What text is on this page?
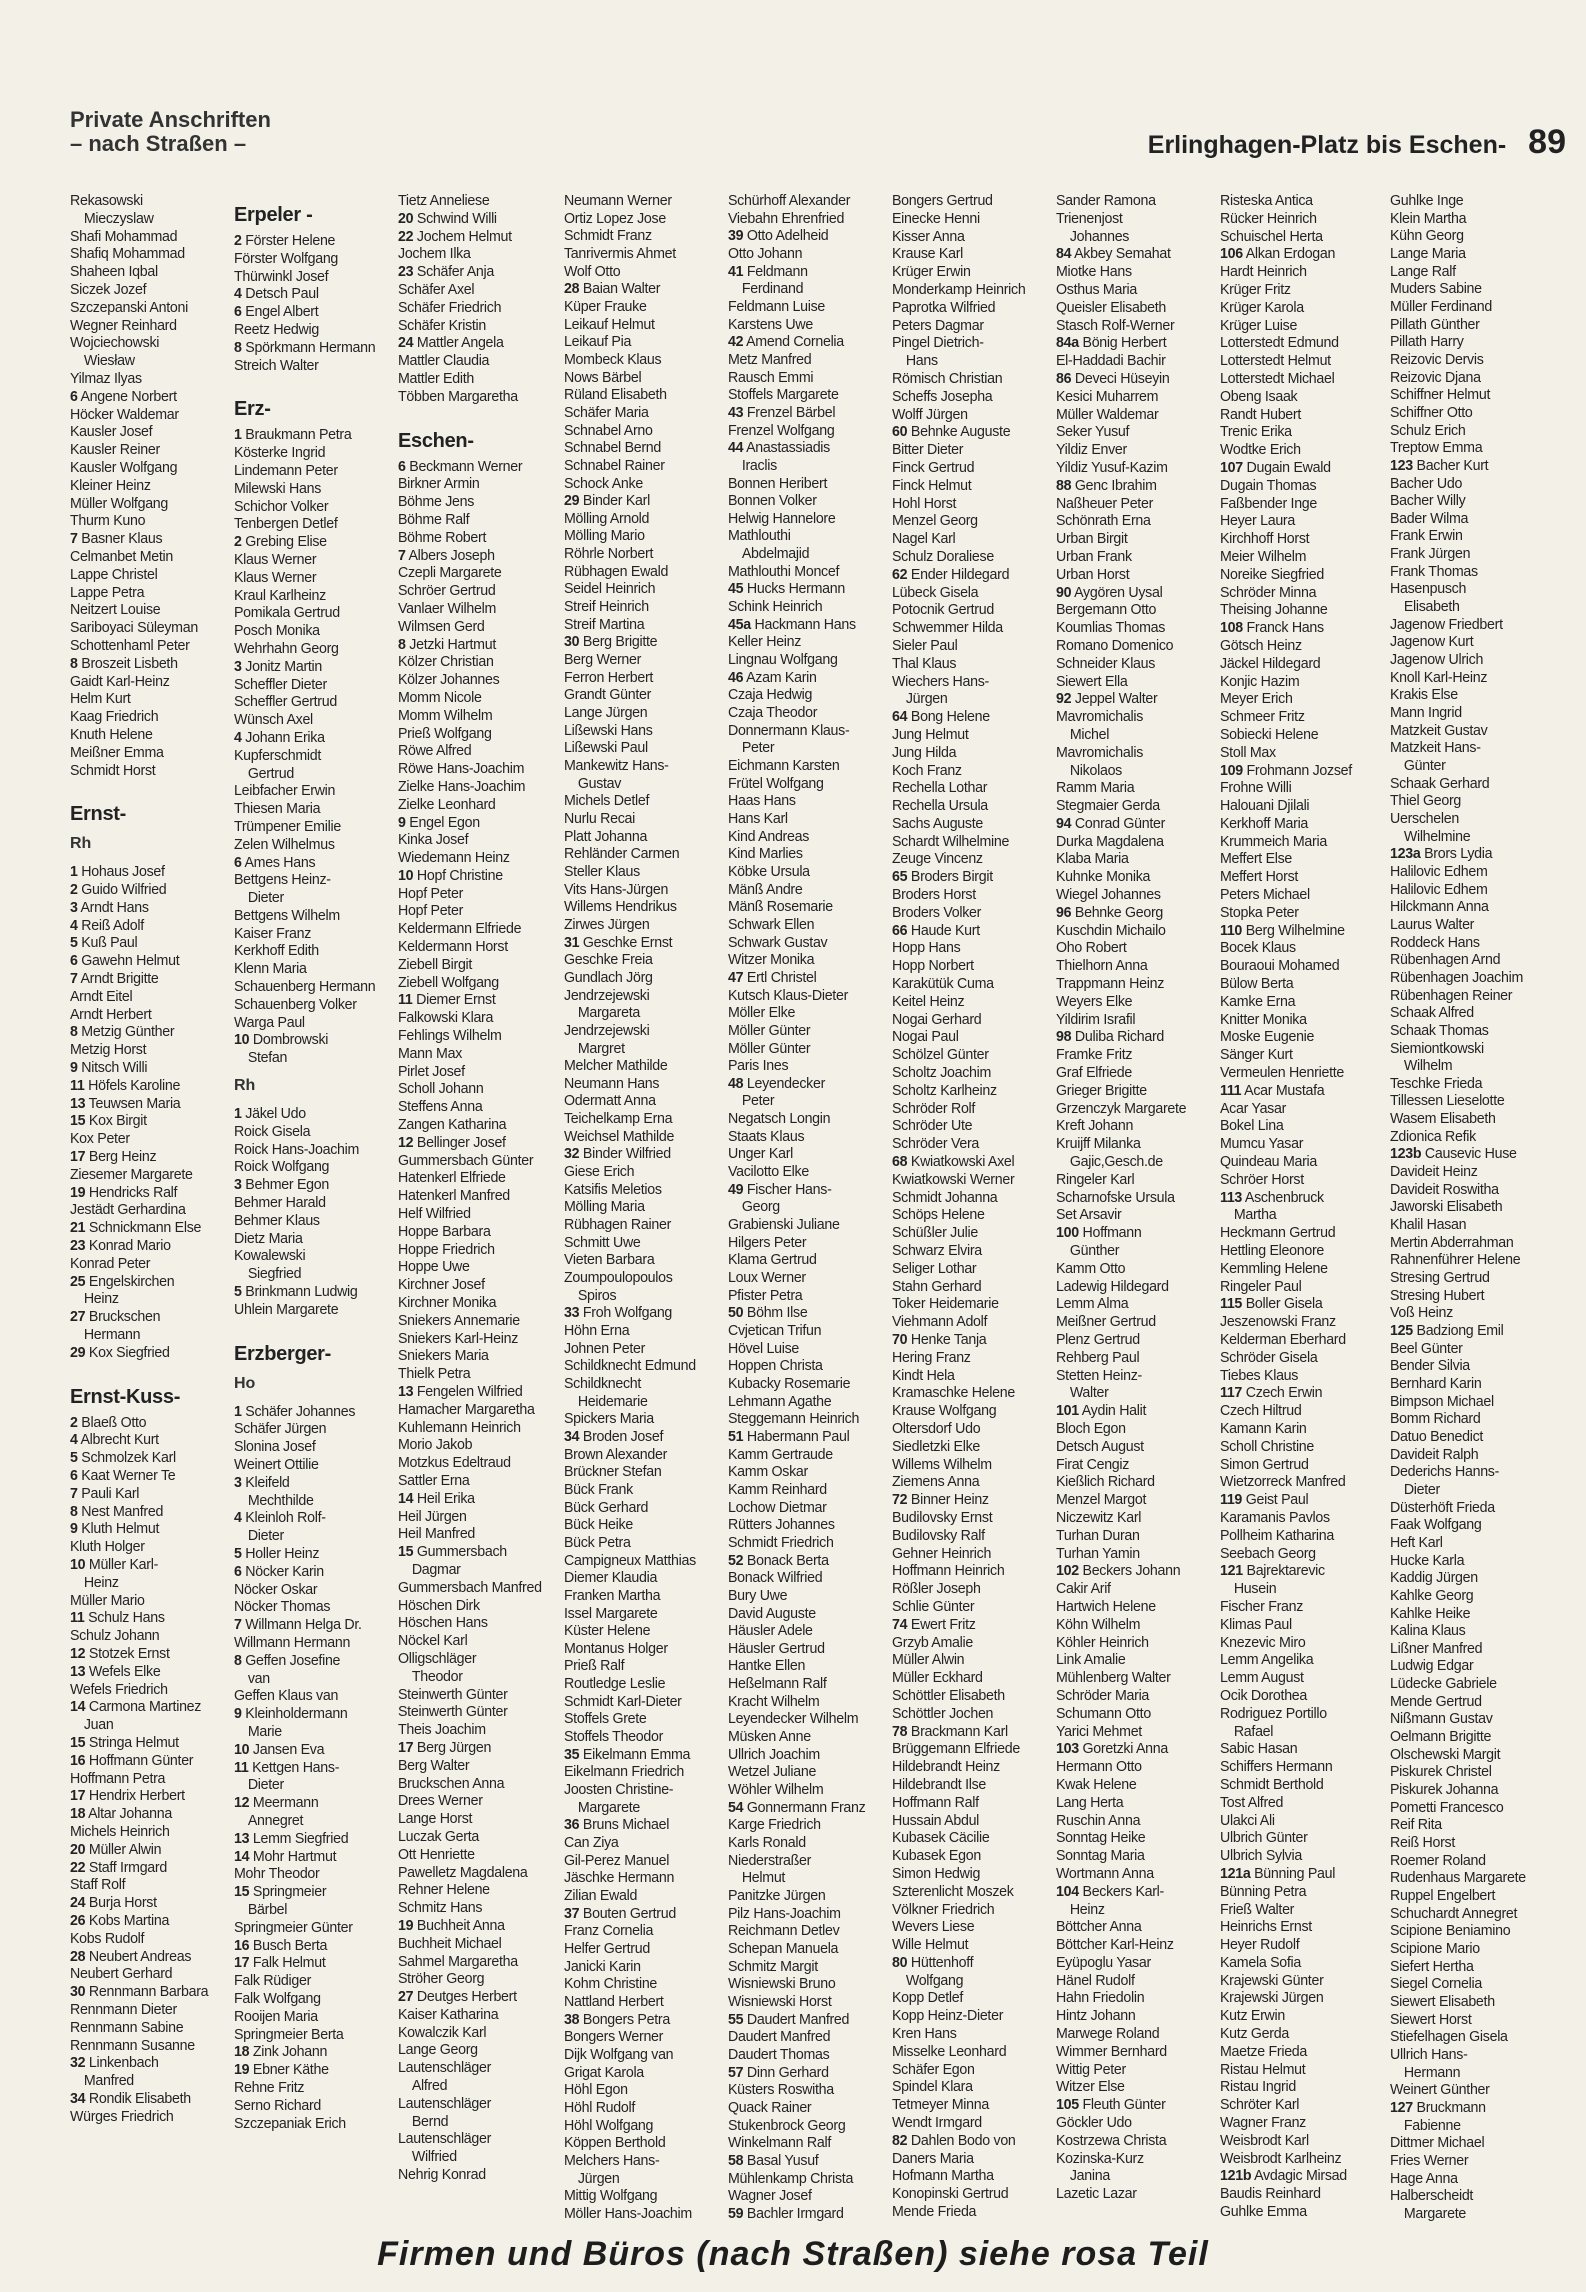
Private Anschriften
– nach Straßen –	Erlinghagen-Platz bis Eschen- 89
Rekasowski
Mieczyslaw
Shafi Mohammad
Shafiq Mohammad
Shaheen Iqbal
Siczek Jozef
Szczepanski Antoni
Wegner Reinhard
Wojciechowski
Wiesław
Yilmaz Ilyas
6 Angene Norbert
Höcker Waldemar
Kausler Josef
Kausler Reiner
Kausler Wolfgang
Kleiner Heinz
Müller Wolfgang
Thurm Kuno
7 Basner Klaus
Celmanbet Metin
Lappe Christel
Lappe Petra
Neitzert Louise
Sariboyaci Süleyman
Schottenhaml Peter
8 Broszeit Lisbeth
Gaidt Karl-Heinz
Helm Kurt
Kaag Friedrich
Knuth Helene
Meißner Emma
Schmidt Horst
Ernst-
Rh
1 Hohaus Josef
2 Guido Wilfried
3 Arndt Hans
4 Reiß Adolf
5 Kuß Paul
6 Gawehn Helmut
7 Arndt Brigitte
Arndt Eitel
Arndt Herbert
8 Metzig Günther
Metzig Horst
9 Nitsch Willi
11 Höfels Karoline
13 Teuwsen Maria
15 Kox Birgit
Kox Peter
17 Berg Heinz
Ziesemer Margarete
19 Hendricks Ralf
Jestädt Gerhardina
21 Schnickmann Else
23 Konrad Mario
Konrad Peter
25 Engelskirchen
Heinz
27 Bruckschen
Hermann
29 Kox Siegfried
Ernst-Kuss-
2 Blaeß Otto
4 Albrecht Kurt
5 Schmolzek Karl
6 Kaat Werner Te
7 Pauli Karl
8 Nest Manfred
9 Kluth Helmut
Kluth Holger
10 Müller Karl-
Heinz
Müller Mario
11 Schulz Hans
Schulz Johann
12 Stotzek Ernst
13 Wefels Elke
Wefels Friedrich
14 Carmona Martinez
Juan
15 Stringa Helmut
16 Hoffmann Günter
Hoffmann Petra
17 Hendrix Herbert
18 Altar Johanna
Michels Heinrich
20 Müller Alwin
22 Staff Irmgard
Staff Rolf
24 Burja Horst
26 Kobs Martina
Kobs Rudolf
28 Neubert Andreas
Neubert Gerhard
30 Rennmann Barbara
Rennmann Dieter
Rennmann Sabine
Rennmann Susanne
32 Linkenbach
Manfred
34 Rondik Elisabeth
Würges Friedrich
Erpeler -
2 Förster Helene
Förster Wolfgang
Thürwinkl Josef
4 Detsch Paul
6 Engel Albert
Reetz Hedwig
8 Spörkmann Hermann
Streich Walter
Erz-
1 Braukmann Petra
Kösterke Ingrid
Lindemann Peter
Milewski Hans
Schichor Volker
Tenbergen Detlef
2 Grebing Elise
Klaus Werner
Klaus Werner
Kraul Karlheinz
Pomikala Gertrud
Posch Monika
Wehrhahn Georg
3 Jonitz Martin
Scheffler Dieter
Scheffler Gertrud
Wünsch Axel
4 Johann Erika
Kupferschmidt
Gertrud
Leibfacher Erwin
Thiesen Maria
Trümpener Emilie
Zelen Wilhelmus
6 Ames Hans
Bettgens Heinz-
Dieter
Bettgens Wilhelm
Kaiser Franz
Kerkhoff Edith
Klenn Maria
Schauenberg Hermann
Schauenberg Volker
Warga Paul
10 Dombrowski
Stefan
Rh
1 Jäkel Udo
Roick Gisela
Roick Hans-Joachim
Roick Wolfgang
3 Behmer Egon
Behmer Harald
Behmer Klaus
Dietz Maria
Kowalewski
Siegfried
5 Brinkmann Ludwig
Uhlein Margarete
Erzberger-
Ho
1 Schäfer Johannes
Schäfer Jürgen
Slonina Josef
Weinert Ottilie
3 Kleifeld
Mechthilde
4 Kleinloh Rolf-
Dieter
5 Holler Heinz
6 Nöcker Karin
Nöcker Oskar
Nöcker Thomas
7 Willmann Helga Dr.
Willmann Hermann
8 Geffen Josefine
van
Geffen Klaus van
9 Kleinholdermann
Marie
10 Jansen Eva
11 Kettgen Hans-
Dieter
12 Meermann
Annegret
13 Lemm Siegfried
14 Mohr Hartmut
Mohr Theodor
15 Springmeier
Bärbel
Springmeier Günter
16 Busch Berta
17 Falk Helmut
Falk Rüdiger
Falk Wolfgang
Rooijen Maria
Springmeier Berta
18 Zink Johann
19 Ebner Käthe
Rehne Fritz
Serno Richard
Szczepaniak Erich
Tietz Anneliese
20 Schwind Willi
22 Jochem Helmut
Jochem Ilka
23 Schäfer Anja
Schäfer Axel
Schäfer Friedrich
Schäfer Kristin
24 Mattler Angela
Mattler Claudia
Mattler Edith
Többen Margaretha
Eschen-
6 Beckmann Werner
Birkner Armin
Böhme Jens
Böhme Ralf
Böhme Robert
7 Albers Joseph
Czepli Margarete
Schröer Gertrud
Vanlaer Wilhelm
Wilmsen Gerd
8 Jetzki Hartmut
Kölzer Christian
Kölzer Johannes
Momm Nicole
Momm Wilhelm
Prieß Wolfgang
Röwe Alfred
Röwe Hans-Joachim
Zielke Hans-Joachim
Zielke Leonhard
9 Engel Egon
Kinka Josef
Wiedemann Heinz
10 Hopf Christine
Hopf Peter
Hopf Peter
Keldermann Elfriede
Keldermann Horst
Ziebell Birgit
Ziebell Wolfgang
11 Diemer Ernst
Falkowski Klara
Fehlings Wilhelm
Mann Max
Pirlet Josef
Scholl Johann
Steffens Anna
Zangen Katharina
12 Bellinger Josef
Gummersbach Günter
Hatenkerl Elfriede
Hatenkerl Manfred
Helf Wilfried
Hoppe Barbara
Hoppe Friedrich
Hoppe Uwe
Kirchner Josef
Kirchner Monika
Sniekers Annemarie
Sniekers Karl-Heinz
Sniekers Maria
Thielk Petra
13 Fengelen Wilfried
Hamacher Margaretha
Kuhlemann Heinrich
Morio Jakob
Motzkus Edeltraud
Sattler Erna
14 Heil Erika
Heil Jürgen
Heil Manfred
15 Gummersbach
Dagmar
Gummersbach Manfred
Höschen Dirk
Höschen Hans
Nöckel Karl
Olligschläger
Theodor
Steinwerth Günter
Steinwerth Günter
Theis Joachim
17 Berg Jürgen
Berg Walter
Bruckschen Anna
Drees Werner
Lange Horst
Luczak Gerta
Ott Henriette
Pawelletz Magdalena
Rehner Helene
Schmitz Hans
19 Buchheit Anna
Buchheit Michael
Sahmel Margaretha
Ströher Georg
27 Deutges Herbert
Kaiser Katharina
Kowalczik Karl
Lange Georg
Lautenschläger
Alfred
Lautenschläger
Bernd
Lautenschläger
Wilfried
Nehrig Konrad
Neumann Werner
Ortiz Lopez Jose
Schmidt Franz
Tanrivermis Ahmet
Wolf Otto
28 Baian Walter
Küper Frauke
Leikauf Helmut
Leikauf Pia
Mombeck Klaus
Nows Bärbel
Rüland Elisabeth
Schäfer Maria
Schnabel Arno
Schnabel Bernd
Schnabel Rainer
Schock Anke
29 Binder Karl
Mölling Arnold
Mölling Mario
Röhrle Norbert
Rübhagen Ewald
Seidel Heinrich
Streif Heinrich
Streif Martina
30 Berg Brigitte
Berg Werner
Ferron Herbert
Grandt Günter
Lange Jürgen
Lißewski Hans
Lißewski Paul
Mankewitz Hans-
Gustav
Michels Detlef
Nurlu Recai
Platt Johanna
Rehländer Carmen
Steller Klaus
Vits Hans-Jürgen
Willems Hendrikus
Zirwes Jürgen
31 Geschke Ernst
Geschke Freia
Gundlach Jörg
Jendrzejewski
Margareta
Jendrzejewski
Margret
Melcher Mathilde
Neumann Hans
Odermatt Anna
Teichelkamp Erna
Weichsel Mathilde
32 Binder Wilfried
Giese Erich
Katsifis Meletios
Mölling Maria
Rübhagen Rainer
Schmitt Uwe
Vieten Barbara
Zoumpoulopoulos
Spiros
33 Froh Wolfgang
Höhn Erna
Johnen Peter
Schildknecht Edmund
Schildknecht
Heidemarie
Spickers Maria
34 Broden Josef
Brown Alexander
Brückner Stefan
Bück Frank
Bück Gerhard
Bück Heike
Bück Petra
Campigneux Matthias
Diemer Klaudia
Franken Martha
Issel Margarete
Küster Helene
Montanus Holger
Prieß Ralf
Routledge Leslie
Schmidt Karl-Dieter
Stoffels Grete
Stoffels Theodor
35 Eikelmann Emma
Eikelmann Friedrich
Joosten Christine-
Margarete
36 Bruns Michael
Can Ziya
Gil-Perez Manuel
Jäschke Hermann
Zilian Ewald
37 Bouten Gertrud
Franz Cornelia
Helfer Gertrud
Janicki Karin
Kohm Christine
Nattland Herbert
38 Bongers Petra
Bongers Werner
Dijk Wolfgang van
Grigat Karola
Höhl Egon
Höhl Rudolf
Höhl Wolfgang
Köppen Berthold
Melchers Hans-
Jürgen
Mittig Wolfgang
Möller Hans-Joachim
Schürhoff Alexander
Viebahn Ehrenfried
39 Otto Adelheid
Otto Johann
41 Feldmann
Ferdinand
Feldmann Luise
Karstens Uwe
42 Amend Cornelia
Metz Manfred
Rausch Emmi
Stoffels Margarete
43 Frenzel Bärbel
Frenzel Wolfgang
44 Anastassiadis
Iraclis
Bonnen Heribert
Bonnen Volker
Helwig Hannelore
Mathlouthi
Abdelmajid
Mathlouthi Moncef
45 Hucks Hermann
Schink Heinrich
45a Hackmann Hans
Keller Heinz
Lingnau Wolfgang
46 Azam Karin
Czaja Hedwig
Czaja Theodor
Donnermann Klaus-
Peter
Eichmann Karsten
Frütel Wolfgang
Haas Hans
Hans Karl
Kind Andreas
Kind Marlies
Köbke Ursula
Mänß Andre
Mänß Rosemarie
Schwark Ellen
Schwark Gustav
Witzer Monika
47 Ertl Christel
Kutsch Klaus-Dieter
Möller Elke
Möller Günter
Möller Günter
Paris Ines
48 Leyendecker
Peter
Negatsch Longin
Staats Klaus
Unger Karl
Vacilotto Elke
49 Fischer Hans-
Georg
Grabienski Juliane
Hilgers Peter
Klama Gertrud
Loux Werner
Pfister Petra
50 Böhm Ilse
Cvjetican Trifun
Hövel Luise
Hoppen Christa
Kubacky Rosemarie
Lehmann Agathe
Steggemann Heinrich
51 Habermann Paul
Kamm Gertraude
Kamm Oskar
Kamm Reinhard
Lochow Dietmar
Rütters Johannes
Schmidt Friedrich
52 Bonack Berta
Bonack Wilfried
Bury Uwe
David Auguste
Häusler Adele
Häusler Gertrud
Hantke Ellen
Heßelmann Ralf
Kracht Wilhelm
Leyendecker Wilhelm
Müsken Anne
Ullrich Joachim
Wetzel Juliane
Wöhler Wilhelm
54 Gonnermann Franz
Karge Friedrich
Karls Ronald
Niederstraßer
Helmut
Panitzke Jürgen
Pilz Hans-Joachim
Reichmann Detlev
Schepan Manuela
Schmitz Margit
Wisniewski Bruno
Wisniewski Horst
55 Daudert Manfred
Daudert Manfred
Daudert Thomas
57 Dinn Gerhard
Küsters Roswitha
Quack Rainer
Stukenbrock Georg
Winkelmann Ralf
58 Basal Yusuf
Mühlenkamp Christa
Wagner Josef
59 Bachler Irmgard
Bongers Gertrud
Einecke Henni
Kisser Anna
Krause Karl
Krüger Erwin
Monderkamp Heinrich
Paprotka Wilfried
Peters Dagmar
Pingel Dietrich-
Hans
Römisch Christian
Scheffs Josepha
Wolff Jürgen
60 Behnke Auguste
Bitter Dieter
Finck Gertrud
Finck Helmut
Hohl Horst
Menzel Georg
Nagel Karl
Schulz Doraliese
62 Ender Hildegard
Lübeck Gisela
Potocnik Gertrud
Schwemmer Hilda
Sieler Paul
Thal Klaus
Wiechers Hans-
Jürgen
64 Bong Helene
Jung Helmut
Jung Hilda
Koch Franz
Rechella Lothar
Rechella Ursula
Sachs Auguste
Schardt Wilhelmine
Zeuge Vincenz
65 Broders Birgit
Broders Horst
Broders Volker
66 Haude Kurt
Hopp Hans
Hopp Norbert
Karakütük Cuma
Keitel Heinz
Nogai Gerhard
Nogai Paul
Schölzel Günter
Scholtz Joachim
Scholtz Karlheinz
Schröder Rolf
Schröder Ute
Schröder Vera
68 Kwiatkowski Axel
Kwiatkowski Werner
Schmidt Johanna
Schöps Helene
Schüßler Julie
Schwarz Elvira
Seliger Lothar
Stahn Gerhard
Toker Heidemarie
Viehmann Adolf
70 Henke Tanja
Hering Franz
Kindt Hela
Kramaschke Helene
Krause Wolfgang
Oltersdorf Udo
Siedletzki Elke
Willems Wilhelm
Ziemens Anna
72 Binner Heinz
Budilovsky Ernst
Budilovsky Ralf
Gehner Heinrich
Hoffmann Heinrich
Rößler Joseph
Schlie Günter
74 Ewert Fritz
Grzyb Amalie
Müller Alwin
Müller Eckhard
Schöttler Elisabeth
Schöttler Jochen
78 Brackmann Karl
Brüggemann Elfriede
Hildebrandt Heinz
Hildebrandt Ilse
Hoffmann Ralf
Hussain Abdul
Kubasek Cäcilie
Kubasek Egon
Simon Hedwig
Szterenlicht Moszek
Völkner Friedrich
Wevers Liese
Wille Helmut
80 Hüttenhoff
Wolfgang
Kopp Detlef
Kopp Heinz-Dieter
Kren Hans
Misselke Leonhard
Schäfer Egon
Spindel Klara
Tetmeyer Minna
Wendt Irmgard
82 Dahlen Bodo von
Daners Maria
Hofmann Martha
Konopinski Gertrud
Mende Frieda
Sander Ramona
Trienenjost
Johannes
84 Akbey Semahat
Miotke Hans
Osthus Maria
Queisler Elisabeth
Stasch Rolf-Werner
84a Bönig Herbert
El-Haddadi Bachir
86 Deveci Hüseyin
Kesici Muharrem
Müller Waldemar
Seker Yusuf
Yildiz Enver
Yildiz Yusuf-Kazim
88 Genc Ibrahim
Naßheuer Peter
Schönrath Erna
Urban Birgit
Urban Frank
Urban Horst
90 Aygören Uysal
Bergemann Otto
Koumlias Thomas
Romano Domenico
Schneider Klaus
Siewert Ella
92 Jeppel Walter
Mavromichalis
Michel
Mavromichalis
Nikolaos
Ramm Maria
Stegmaier Gerda
94 Conrad Günter
Durka Magdalena
Klaba Maria
Kuhnke Monika
Wiegel Johannes
96 Behnke Georg
Kuschdin Michailo
Oho Robert
Thielhorn Anna
Trappmann Heinz
Weyers Elke
Yildirim Israfil
98 Duliba Richard
Framke Fritz
Graf Elfriede
Grieger Brigitte
Grzenczyk Margarete
Kreft Johann
Kruijff Milanka
Gajic,Gesch.de
Ringeler Karl
Scharnofske Ursula
Set Arsavir
100 Hoffmann
Günther
Kamm Otto
Ladewig Hildegard
Lemm Alma
Meißner Gertrud
Plenz Gertrud
Rehberg Paul
Stetten Heinz-
Walter
101 Aydin Halit
Bloch Egon
Detsch August
Firat Cengiz
Kießlich Richard
Menzel Margot
Niczewitz Karl
Turhan Duran
Turhan Yamin
102 Beckers Johann
Cakir Arif
Hartwich Helene
Köhn Wilhelm
Köhler Heinrich
Link Amalie
Mühlenberg Walter
Schröder Maria
Schumann Otto
Yarici Mehmet
103 Goretzki Anna
Hermann Otto
Kwak Helene
Lang Herta
Ruschin Anna
Sonntag Heike
Sonntag Maria
Wortmann Anna
104 Beckers Karl-
Heinz
Böttcher Anna
Böttcher Karl-Heinz
Eyüpoglu Yasar
Hänel Rudolf
Hahn Friedolin
Hintz Johann
Marwege Roland
Wimmer Bernhard
Wittig Peter
Witzer Else
105 Fleuth Günter
Göckler Udo
Kostrzewa Christa
Kozinska-Kurz
Janina
Lazetic Lazar
Risteska Antica
Rücker Heinrich
Schuischel Herta
106 Alkan Erdogan
Hardt Heinrich
Krüger Fritz
Krüger Karola
Krüger Luise
Lotterstedt Edmund
Lotterstedt Helmut
Lotterstedt Michael
Obeng Isaak
Randt Hubert
Trenic Erika
Wodtke Erich
107 Dugain Ewald
Dugain Thomas
Faßbender Inge
Heyer Laura
Kirchhoff Horst
Meier Wilhelm
Noreike Siegfried
Schröder Minna
Theising Johanne
108 Franck Hans
Götsch Heinz
Jäckel Hildegard
Konjic Hazim
Meyer Erich
Schmeer Fritz
Sobiecki Helene
Stoll Max
109 Frohmann Jozsef
Frohne Willi
Halouani Djilali
Kerkhoff Maria
Krummeich Maria
Meffert Else
Meffert Horst
Peters Michael
Stopka Peter
110 Berg Wilhelmine
Bocek Klaus
Bouraoui Mohamed
Bülow Berta
Kamke Erna
Knitter Monika
Moske Eugenie
Sänger Kurt
Vermeulen Henriette
111 Acar Mustafa
Acar Yasar
Bokel Lina
Mumcu Yasar
Quindeau Maria
Schröer Horst
113 Aschenbruck
Martha
Heckmann Gertrud
Hettling Eleonore
Kemmling Helene
Ringeler Paul
115 Boller Gisela
Jeszenowski Franz
Kelderman Eberhard
Schröder Gisela
Tiebes Klaus
117 Czech Erwin
Czech Hiltrud
Kamann Karin
Scholl Christine
Simon Gertrud
Wietzorreck Manfred
119 Geist Paul
Karamanis Pavlos
Pollheim Katharina
Seebach Georg
121 Bajrektarevic
Husein
Fischer Franz
Klimas Paul
Knezevic Miro
Lemm Angelika
Lemm August
Ocik Dorothea
Rodriguez Portillo
Rafael
Sabic Hasan
Schiffers Hermann
Schmidt Berthold
Tost Alfred
Ulakci Ali
Ulbrich Günter
Ulbrich Sylvia
121a Bünning Paul
Bünning Petra
Frieß Walter
Heinrichs Ernst
Heyer Rudolf
Kamela Sofia
Krajewski Günter
Krajewski Jürgen
Kutz Erwin
Kutz Gerda
Maetze Frieda
Ristau Helmut
Ristau Ingrid
Schröter Karl
Wagner Franz
Weisbrodt Karl
Weisbrodt Karlheinz
121b Avdagic Mirsad
Baudis Reinhard
Guhlke Emma
Guhlke Inge
Klein Martha
Kühn Georg
Lange Maria
Lange Ralf
Muders Sabine
Müller Ferdinand
Pillath Günther
Pillath Harry
Reizovic Dervis
Reizovic Djana
Schiffner Helmut
Schiffner Otto
Schulz Erich
Treptow Emma
123 Bacher Kurt
Bacher Udo
Bacher Willy
Bader Wilma
Frank Erwin
Frank Jürgen
Frank Thomas
Hasenpusch
Elisabeth
Jagenow Friedbert
Jagenow Kurt
Jagenow Ulrich
Knoll Karl-Heinz
Krakis Else
Mann Ingrid
Matzkeit Gustav
Matzkeit Hans-
Günter
Schaak Gerhard
Thiel Georg
Uerschelen
Wilhelmine
123a Brors Lydia
Halilovic Edhem
Halilovic Edhem
Hilckmann Anna
Laurus Walter
Roddeck Hans
Rübenhagen Arnd
Rübenhagen Joachim
Rübenhagen Reiner
Schaak Alfred
Schaak Thomas
Siemiontkowski
Wilhelm
Teschke Frieda
Tillessen Lieselotte
Wasem Elisabeth
Zdionica Refik
123b Causevic Huse
Davideit Heinz
Davideit Roswitha
Jaworski Elisabeth
Khalil Hasan
Mertin Abderrahman
Rahnenführer Helene
Stresing Gertrud
Stresing Hubert
Voß Heinz
125 Badziong Emil
Beel Günter
Bender Silvia
Bernhard Karin
Bimpson Michael
Bomm Richard
Datuo Benedict
Davideit Ralph
Dederichs Hanns-
Dieter
Düsterhöft Frieda
Faak Wolfgang
Heft Karl
Hucke Karla
Kaddig Jürgen
Kahlke Georg
Kahlke Heike
Kalina Klaus
Lißner Manfred
Ludwig Edgar
Lüdecke Gabriele
Mende Gertrud
Nißmann Gustav
Oelmann Brigitte
Olschewski Margit
Piskurek Christel
Piskurek Johanna
Pometti Francesco
Reif Rita
Reiß Horst
Roemer Roland
Rudenhaus Margarete
Ruppel Engelbert
Schuchardt Annegret
Scipione Beniamino
Scipione Mario
Siefert Hertha
Siegel Cornelia
Siewert Elisabeth
Siewert Horst
Stiefelhagen Gisela
Ullrich Hans-
Hermann
Weinert Günther
127 Bruckmann
Fabienne
Dittmer Michael
Fries Werner
Hage Anna
Halberscheidt
Margarete
Firmen und Büros (nach Straßen) siehe rosa Teil
